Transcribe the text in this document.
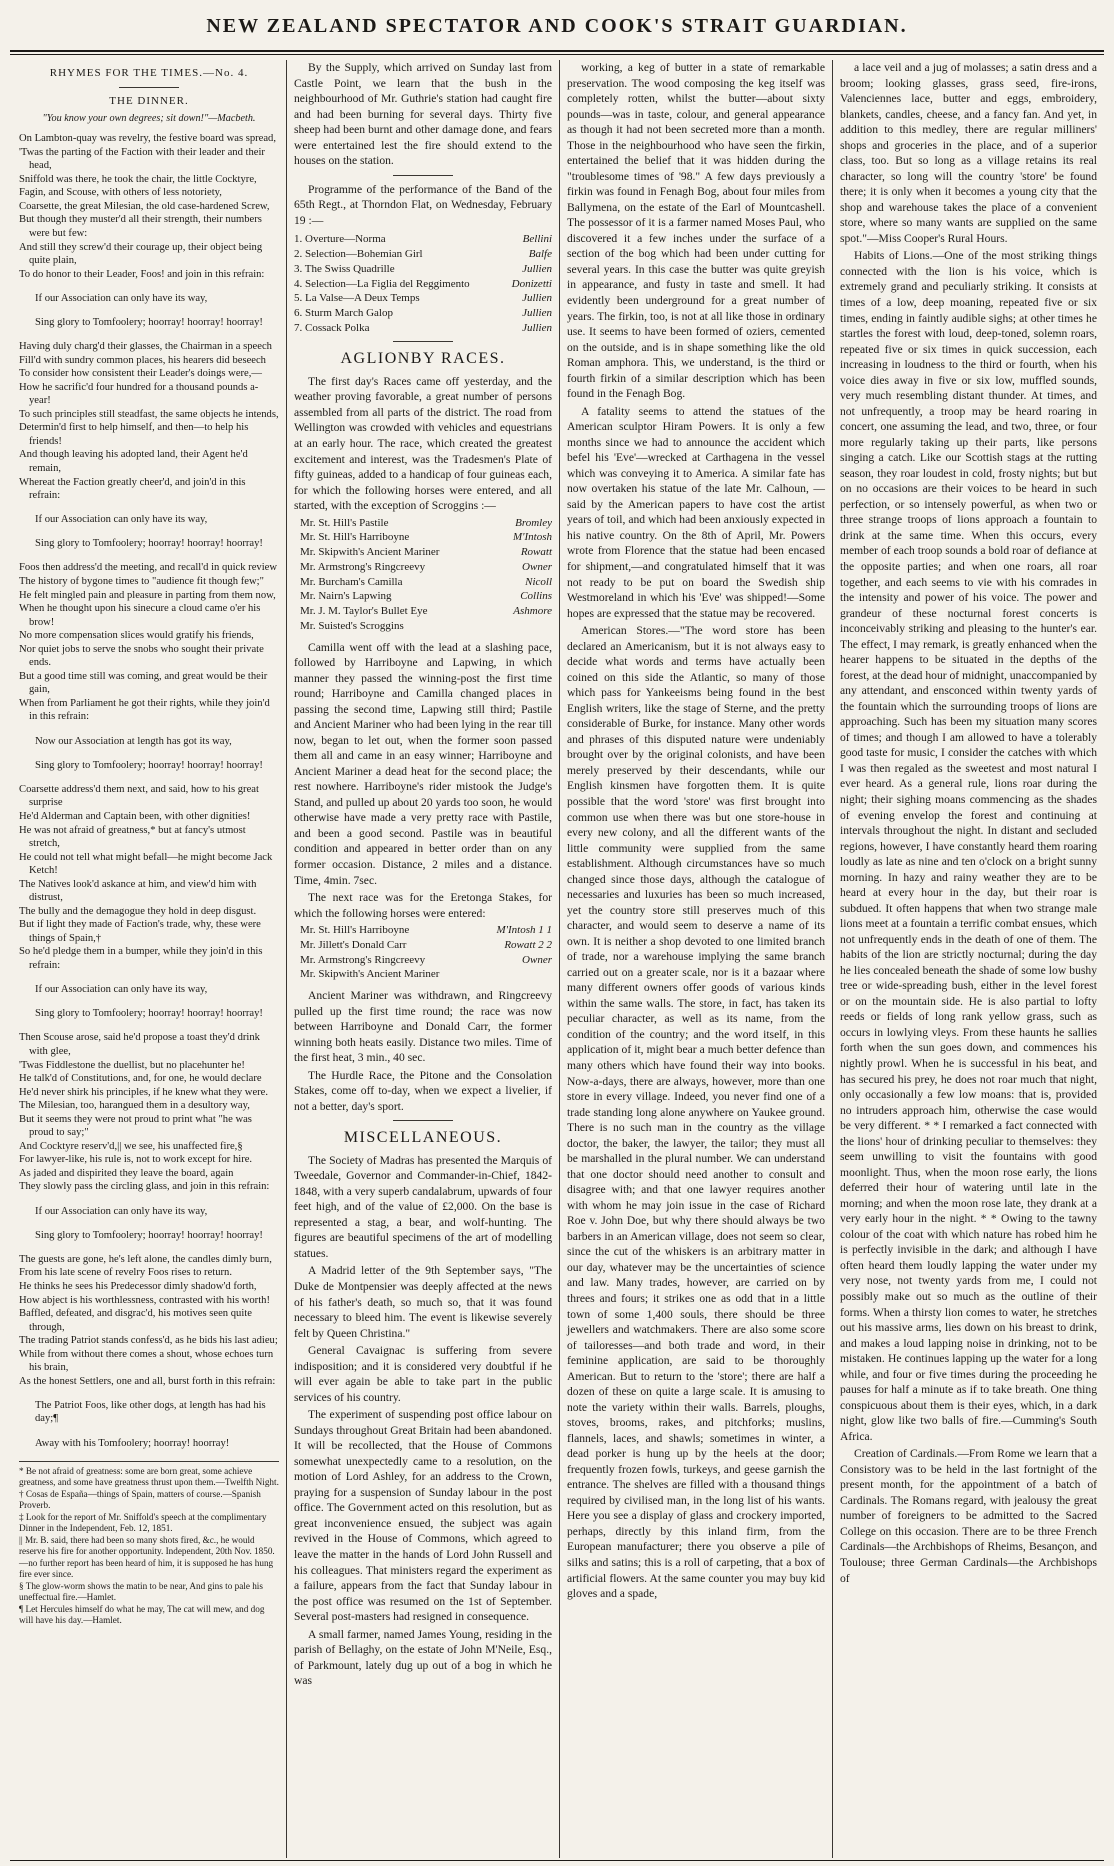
NEW ZEALAND SPECTATOR AND COOK'S STRAIT GUARDIAN.
RHYMES FOR THE TIMES.—No. 4.
THE DINNER.
"You know your own degrees; sit down!"—Macbeth.

On Lambton-quay was revelry, the festive board was spread,

'Twas the parting of the Faction with their leader and their head,

Sniffold was there, he took the chair, the little Cocktyre,

Fagin, and Scouse, with others of less notoriety,

Coarsette, the great Milesian, the old case-hardened Screw,

But though they muster'd all their strength, their numbers were but few:

And still they screw'd their courage up, their object being quite plain,

To do honor to their Leader, Foos! and join in this refrain:

If our Association can only have its way,

Sing glory to Tomfoolery; hoorray! hoorray! hoorray!

Having duly charg'd their glasses, the Chairman in a speech

Fill'd with sundry common places, his hearers did beseech

To consider how consistent their Leader's doings were,—

How he sacrific'd four hundred for a thousand pounds a-year!

To such principles still steadfast, the same objects he intends,

Determin'd first to help himself, and then—to help his friends!

And though leaving his adopted land, their Agent he'd remain,

Whereat the Faction greatly cheer'd, and join'd in this refrain:

If our Association can only have its way,

Sing glory to Tomfoolery; hoorray! hoorray! hoorray!

Foos then address'd the meeting, and recall'd in quick review

The history of bygone times to "audience fit though few;"

He felt mingled pain and pleasure in parting from them now,

When he thought upon his sinecure a cloud came o'er his brow!

No more compensation slices would gratify his friends,

Nor quiet jobs to serve the snobs who sought their private ends.

But a good time still was coming, and great would be their gain,

When from Parliament he got their rights, while they join'd in this refrain:

Now our Association at length has got its way,

Sing glory to Tomfoolery; hoorray! hoorray! hoorray!

Coarsette address'd them next, and said, how to his great surprise

He'd Alderman and Captain been, with other dignities!

He was not afraid of greatness,* but at fancy's utmost stretch,

He could not tell what might befall—he might become Jack Ketch!

The Natives look'd askance at him, and view'd him with distrust,

The bully and the demagogue they hold in deep disgust.

But if light they made of Faction's trade, why, these were things of Spain,†

So he'd pledge them in a bumper, while they join'd in this refrain:

If our Association can only have its way,

Sing glory to Tomfoolery; hoorray! hoorray! hoorray!

Then Scouse arose, said he'd propose a toast they'd drink with glee,

'Twas Fiddlestone the duellist, but no placehunter he!

He talk'd of Constitutions, and, for one, he would declare

He'd never shirk his principles, if he knew what they were.

The Milesian, too, harangued them in a desultory way,

But it seems they were not proud to print what "he was proud to say;"

And Cocktyre reserv'd,|| we see, his unaffected fire,§

For lawyer-like, his rule is, not to work except for hire.

As jaded and dispirited they leave the board, again

They slowly pass the circling glass, and join in this refrain:

If our Association can only have its way,

Sing glory to Tomfoolery; hoorray! hoorray! hoorray!

The guests are gone, he's left alone, the candles dimly burn,

From his late scene of revelry Foos rises to return.

He thinks he sees his Predecessor dimly shadow'd forth,

How abject is his worthlessness, contrasted with his worth!

Baffled, defeated, and disgrac'd, his motives seen quite through,

The trading Patriot stands confess'd, as he bids his last adieu;

While from without there comes a shout, whose echoes turn his brain,

As the honest Settlers, one and all, burst forth in this refrain:

The Patriot Foos, like other dogs, at length has had his day;¶

Away with his Tomfoolery; hoorray! hoorray!

* Be not afraid of greatness: some are born great, some achieve greatness, and some have greatness thrust upon them.—Twelfth Night.

† Cosas de España—things of Spain, matters of course.—Spanish Proverb.

‡ Look for the report of Mr. Sniffold's speech at the complimentary Dinner in the Independent, Feb. 12, 1851.

|| Mr. B. said, there had been so many shots fired, &c., he would reserve his fire for another opportunity. Independent, 20th Nov. 1850.—no further report has been heard of him, it is supposed he has hung fire ever since.

§ The glow-worm shows the matin to be near, And gins to pale his uneffectual fire.—Hamlet.

¶ Let Hercules himself do what he may, The cat will mew, and dog will have his day.—Hamlet.

By the Supply, which arrived on Sunday last from Castle Point, we learn that the bush in the neighbourhood of Mr. Guthrie's station had caught fire and had been burning for several days. Thirty five sheep had been burnt and other damage done, and fears were entertained lest the fire should extend to the houses on the station.

Programme of the performance of the Band of the 65th Regt., at Thorndon Flat, on Wednesday, February 19 :—

1. Overture—Norma	Bellini
2. Selection—Bohemian Girl	Balfe
3. The Swiss Quadrille	Jullien
4. Selection—La Figlia del Reggimento	Donizetti
5. La Valse—A Deux Temps	Jullien
6. Sturm March Galop	Jullien
7. Cossack Polka	Jullien
AGLIONBY RACES.

The first day's Races came off yesterday, and the weather proving favorable, a great number of persons assembled from all parts of the district. The road from Wellington was crowded with vehicles and equestrians at an early hour. The race, which created the greatest excitement and interest, was the Tradesmen's Plate of fifty guineas, added to a handicap of four guineas each, for which the following horses were entered, and all started, with the exception of Scroggins :—

Mr. St. Hill's Pastile	Bromley
Mr. St. Hill's Harriboyne	M'Intosh
Mr. Skipwith's Ancient Mariner	Rowatt
Mr. Armstrong's Ringcreevy	Owner
Mr. Burcham's Camilla	Nicoll
Mr. Nairn's Lapwing	Collins
Mr. J. M. Taylor's Bullet Eye	Ashmore
Mr. Suisted's Scroggins

Camilla went off with the lead at a slashing pace, followed by Harriboyne and Lapwing, in which manner they passed the winning-post the first time round; Harriboyne and Camilla changed places in passing the second time, Lapwing still third; Pastile and Ancient Mariner who had been lying in the rear till now, began to let out, when the former soon passed them all and came in an easy winner; Harriboyne and Ancient Mariner a dead heat for the second place; the rest nowhere. Harriboyne's rider mistook the Judge's Stand, and pulled up about 20 yards too soon, he would otherwise have made a very pretty race with Pastile, and been a good second. Pastile was in beautiful condition and appeared in better order than on any former occasion. Distance, 2 miles and a distance. Time, 4min. 7sec.

The next race was for the Eretonga Stakes, for which the following horses were entered:

Mr. St. Hill's Harriboyne	M'Intosh 1 1
Mr. Jillett's Donald Carr	Rowatt 2 2
Mr. Armstrong's Ringcreevy	Owner
Mr. Skipwith's Ancient Mariner

Ancient Mariner was withdrawn, and Ringcreevy pulled up the first time round; the race was now between Harriboyne and Donald Carr, the former winning both heats easily. Distance two miles. Time of the first heat, 3 min., 40 sec.

The Hurdle Race, the Pitone and the Consolation Stakes, come off to-day, when we expect a livelier, if not a better, day's sport.

MISCELLANEOUS.

The Society of Madras has presented the Marquis of Tweedale, Governor and Commander-in-Chief, 1842-1848, with a very superb candalabrum, upwards of four feet high, and of the value of £2,000. On the base is represented a stag, a bear, and wolf-hunting. The figures are beautiful specimens of the art of modelling statues.

A Madrid letter of the 9th September says, "The Duke de Montpensier was deeply affected at the news of his father's death, so much so, that it was found necessary to bleed him. The event is likewise severely felt by Queen Christina."

General Cavaignac is suffering from severe indisposition; and it is considered very doubtful if he will ever again be able to take part in the public services of his country.

The experiment of suspending post office labour on Sundays throughout Great Britain had been abandoned. It will be recollected, that the House of Commons somewhat unexpectedly came to a resolution, on the motion of Lord Ashley, for an address to the Crown, praying for a suspension of Sunday labour in the post office. The Government acted on this resolution, but as great inconvenience ensued, the subject was again revived in the House of Commons, which agreed to leave the matter in the hands of Lord John Russell and his colleagues. That ministers regard the experiment as a failure, appears from the fact that Sunday labour in the post office was resumed on the 1st of September. Several post-masters had resigned in consequence.

A small farmer, named James Young, residing in the parish of Bellaghy, on the estate of John M'Neile, Esq., of Parkmount, lately dug up out of a bog in which he was

working, a keg of butter in a state of remarkable preservation. The wood composing the keg itself was completely rotten, whilst the butter—about sixty pounds—was in taste, colour, and general appearance as though it had not been secreted more than a month. Those in the neighbourhood who have seen the firkin, entertained the belief that it was hidden during the "troublesome times of '98." A few days previously a firkin was found in Fenagh Bog, about four miles from Ballymena, on the estate of the Earl of Mountcashell. The possessor of it is a farmer named Moses Paul, who discovered it a few inches under the surface of a section of the bog which had been under cutting for several years. In this case the butter was quite greyish in appearance, and fusty in taste and smell. It had evidently been underground for a great number of years. The firkin, too, is not at all like those in ordinary use. It seems to have been formed of oziers, cemented on the outside, and is in shape something like the old Roman amphora. This, we understand, is the third or fourth firkin of a similar description which has been found in the Fenagh Bog.

A fatality seems to attend the statues of the American sculptor Hiram Powers. It is only a few months since we had to announce the accident which befel his 'Eve'—wrecked at Carthagena in the vessel which was conveying it to America. A similar fate has now overtaken his statue of the late Mr. Calhoun, —said by the American papers to have cost the artist years of toil, and which had been anxiously expected in his native country. On the 8th of April, Mr. Powers wrote from Florence that the statue had been encased for shipment,—and congratulated himself that it was not ready to be put on board the Swedish ship Westmoreland in which his 'Eve' was shipped!—Some hopes are expressed that the statue may be recovered.

American Stores.—"The word store has been declared an Americanism, but it is not always easy to decide what words and terms have actually been coined on this side the Atlantic, so many of those which pass for Yankeeisms being found in the best English writers, like the stage of Sterne, and the pretty considerable of Burke, for instance. Many other words and phrases of this disputed nature were undeniably brought over by the original colonists, and have been merely preserved by their descendants, while our English kinsmen have forgotten them. It is quite possible that the word 'store' was first brought into common use when there was but one store-house in every new colony, and all the different wants of the little community were supplied from the same establishment. Although circumstances have so much changed since those days, although the catalogue of necessaries and luxuries has been so much increased, yet the country store still preserves much of this character, and would seem to deserve a name of its own. It is neither a shop devoted to one limited branch of trade, nor a warehouse implying the same branch carried out on a greater scale, nor is it a bazaar where many different owners offer goods of various kinds within the same walls. The store, in fact, has taken its peculiar character, as well as its name, from the condition of the country; and the word itself, in this application of it, might bear a much better defence than many others which have found their way into books. Now-a-days, there are always, however, more than one store in every village. Indeed, you never find one of a trade standing long alone anywhere on Yaukee ground. There is no such man in the country as the village doctor, the baker, the lawyer, the tailor; they must all be marshalled in the plural number. We can understand that one doctor should need another to consult and disagree with; and that one lawyer requires another with whom he may join issue in the case of Richard Roe v. John Doe, but why there should always be two barbers in an American village, does not seem so clear, since the cut of the whiskers is an arbitrary matter in our day, whatever may be the uncertainties of science and law. Many trades, however, are carried on by threes and fours; it strikes one as odd that in a little town of some 1,400 souls, there should be three jewellers and watchmakers. There are also some score of tailoresses—and both trade and word, in their feminine application, are said to be thoroughly American. But to return to the 'store'; there are half a dozen of these on quite a large scale. It is amusing to note the variety within their walls. Barrels, ploughs, stoves, brooms, rakes, and pitchforks; muslins, flannels, laces, and shawls; sometimes in winter, a dead porker is hung up by the heels at the door; frequently frozen fowls, turkeys, and geese garnish the entrance. The shelves are filled with a thousand things required by civilised man, in the long list of his wants. Here you see a display of glass and crockery imported, perhaps, directly by this inland firm, from the European manufacturer; there you observe a pile of silks and satins; this is a roll of carpeting, that a box of artificial flowers. At the same counter you may buy kid gloves and a spade,

a lace veil and a jug of molasses; a satin dress and a broom; looking glasses, grass seed, fire-irons, Valenciennes lace, butter and eggs, embroidery, blankets, candles, cheese, and a fancy fan. And yet, in addition to this medley, there are regular milliners' shops and groceries in the place, and of a superior class, too. But so long as a village retains its real character, so long will the country 'store' be found there; it is only when it becomes a young city that the shop and warehouse takes the place of a convenient store, where so many wants are supplied on the same spot."—Miss Cooper's Rural Hours.

Habits of Lions.—One of the most striking things connected with the lion is his voice, which is extremely grand and peculiarly striking. It consists at times of a low, deep moaning, repeated five or six times, ending in faintly audible sighs; at other times he startles the forest with loud, deep-toned, solemn roars, repeated five or six times in quick succession, each increasing in loudness to the third or fourth, when his voice dies away in five or six low, muffled sounds, very much resembling distant thunder. At times, and not unfrequently, a troop may be heard roaring in concert, one assuming the lead, and two, three, or four more regularly taking up their parts, like persons singing a catch. Like our Scottish stags at the rutting season, they roar loudest in cold, frosty nights; but but on no occasions are their voices to be heard in such perfection, or so intensely powerful, as when two or three strange troops of lions approach a fountain to drink at the same time. When this occurs, every member of each troop sounds a bold roar of defiance at the opposite parties; and when one roars, all roar together, and each seems to vie with his comrades in the intensity and power of his voice. The power and grandeur of these nocturnal forest concerts is inconceivably striking and pleasing to the hunter's ear. The effect, I may remark, is greatly enhanced when the hearer happens to be situated in the depths of the forest, at the dead hour of midnight, unaccompanied by any attendant, and ensconced within twenty yards of the fountain which the surrounding troops of lions are approaching. Such has been my situation many scores of times; and though I am allowed to have a tolerably good taste for music, I consider the catches with which I was then regaled as the sweetest and most natural I ever heard. As a general rule, lions roar during the night; their sighing moans commencing as the shades of evening envelop the forest and continuing at intervals throughout the night. In distant and secluded regions, however, I have constantly heard them roaring loudly as late as nine and ten o'clock on a bright sunny morning. In hazy and rainy weather they are to be heard at every hour in the day, but their roar is subdued. It often happens that when two strange male lions meet at a fountain a terrific combat ensues, which not unfrequently ends in the death of one of them. The habits of the lion are strictly nocturnal; during the day he lies concealed beneath the shade of some low bushy tree or wide-spreading bush, either in the level forest or on the mountain side. He is also partial to lofty reeds or fields of long rank yellow grass, such as occurs in lowlying vleys. From these haunts he sallies forth when the sun goes down, and commences his nightly prowl. When he is successful in his beat, and has secured his prey, he does not roar much that night, only occasionally a few low moans: that is, provided no intruders approach him, otherwise the case would be very different. * * I remarked a fact connected with the lions' hour of drinking peculiar to themselves: they seem unwilling to visit the fountains with good moonlight. Thus, when the moon rose early, the lions deferred their hour of watering until late in the morning; and when the moon rose late, they drank at a very early hour in the night. * * Owing to the tawny colour of the coat with which nature has robed him he is perfectly invisible in the dark; and although I have often heard them loudly lapping the water under my very nose, not twenty yards from me, I could not possibly make out so much as the outline of their forms. When a thirsty lion comes to water, he stretches out his massive arms, lies down on his breast to drink, and makes a loud lapping noise in drinking, not to be mistaken. He continues lapping up the water for a long while, and four or five times during the proceeding he pauses for half a minute as if to take breath. One thing conspicuous about them is their eyes, which, in a dark night, glow like two balls of fire.—Cumming's South Africa.

Creation of Cardinals.—From Rome we learn that a Consistory was to be held in the last fortnight of the present month, for the appointment of a batch of Cardinals. The Romans regard, with jealousy the great number of foreigners to be admitted to the Sacred College on this occasion. There are to be three French Cardinals—the Archbishops of Rheims, Besançon, and Toulouse; three German Cardinals—the Archbishops of
